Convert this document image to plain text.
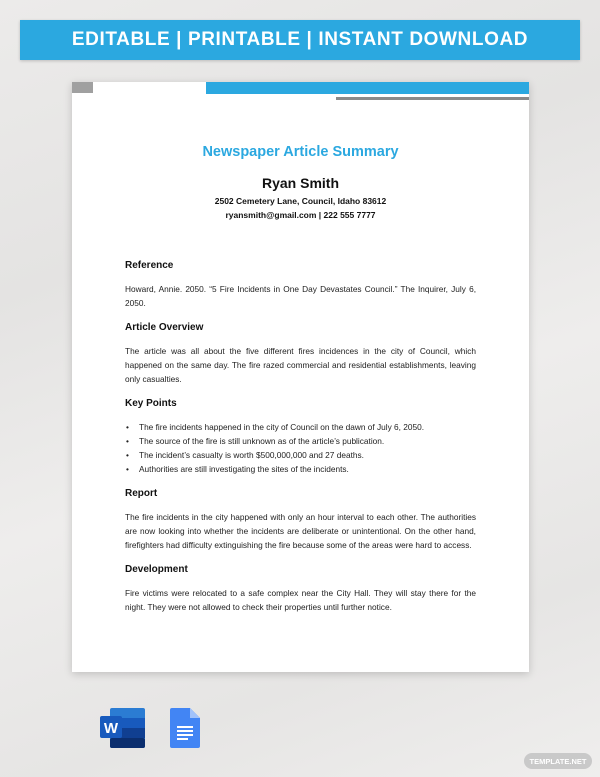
EDITABLE | PRINTABLE | INSTANT DOWNLOAD
Newspaper Article Summary
Ryan Smith
2502 Cemetery Lane, Council, Idaho 83612
ryansmith@gmail.com | 222 555 7777
Reference

Howard, Annie. 2050. “5 Fire Incidents in One Day Devastates Council.” The Inquirer, July 6, 2050.

Article Overview

The article was all about the five different fires incidences in the city of Council, which happened on the same day. The fire razed commercial and residential establishments, leaving only casualties.

Key Points
• The fire incidents happened in the city of Council on the dawn of July 6, 2050.
• The source of the fire is still unknown as of the article’s publication.
• The incident’s casualty is worth $500,000,000 and 27 deaths.
• Authorities are still investigating the sites of the incidents.
Report

The fire incidents in the city happened with only an hour interval to each other. The authorities are now looking into whether the incidents are deliberate or unintentional. On the other hand, firefighters had difficulty extinguishing the fire because some of the areas were hard to access.

Development

Fire victims were relocated to a safe complex near the City Hall. They will stay there for the night. They were not allowed to check their properties until further notice.

W
TEMPLATE.NET
